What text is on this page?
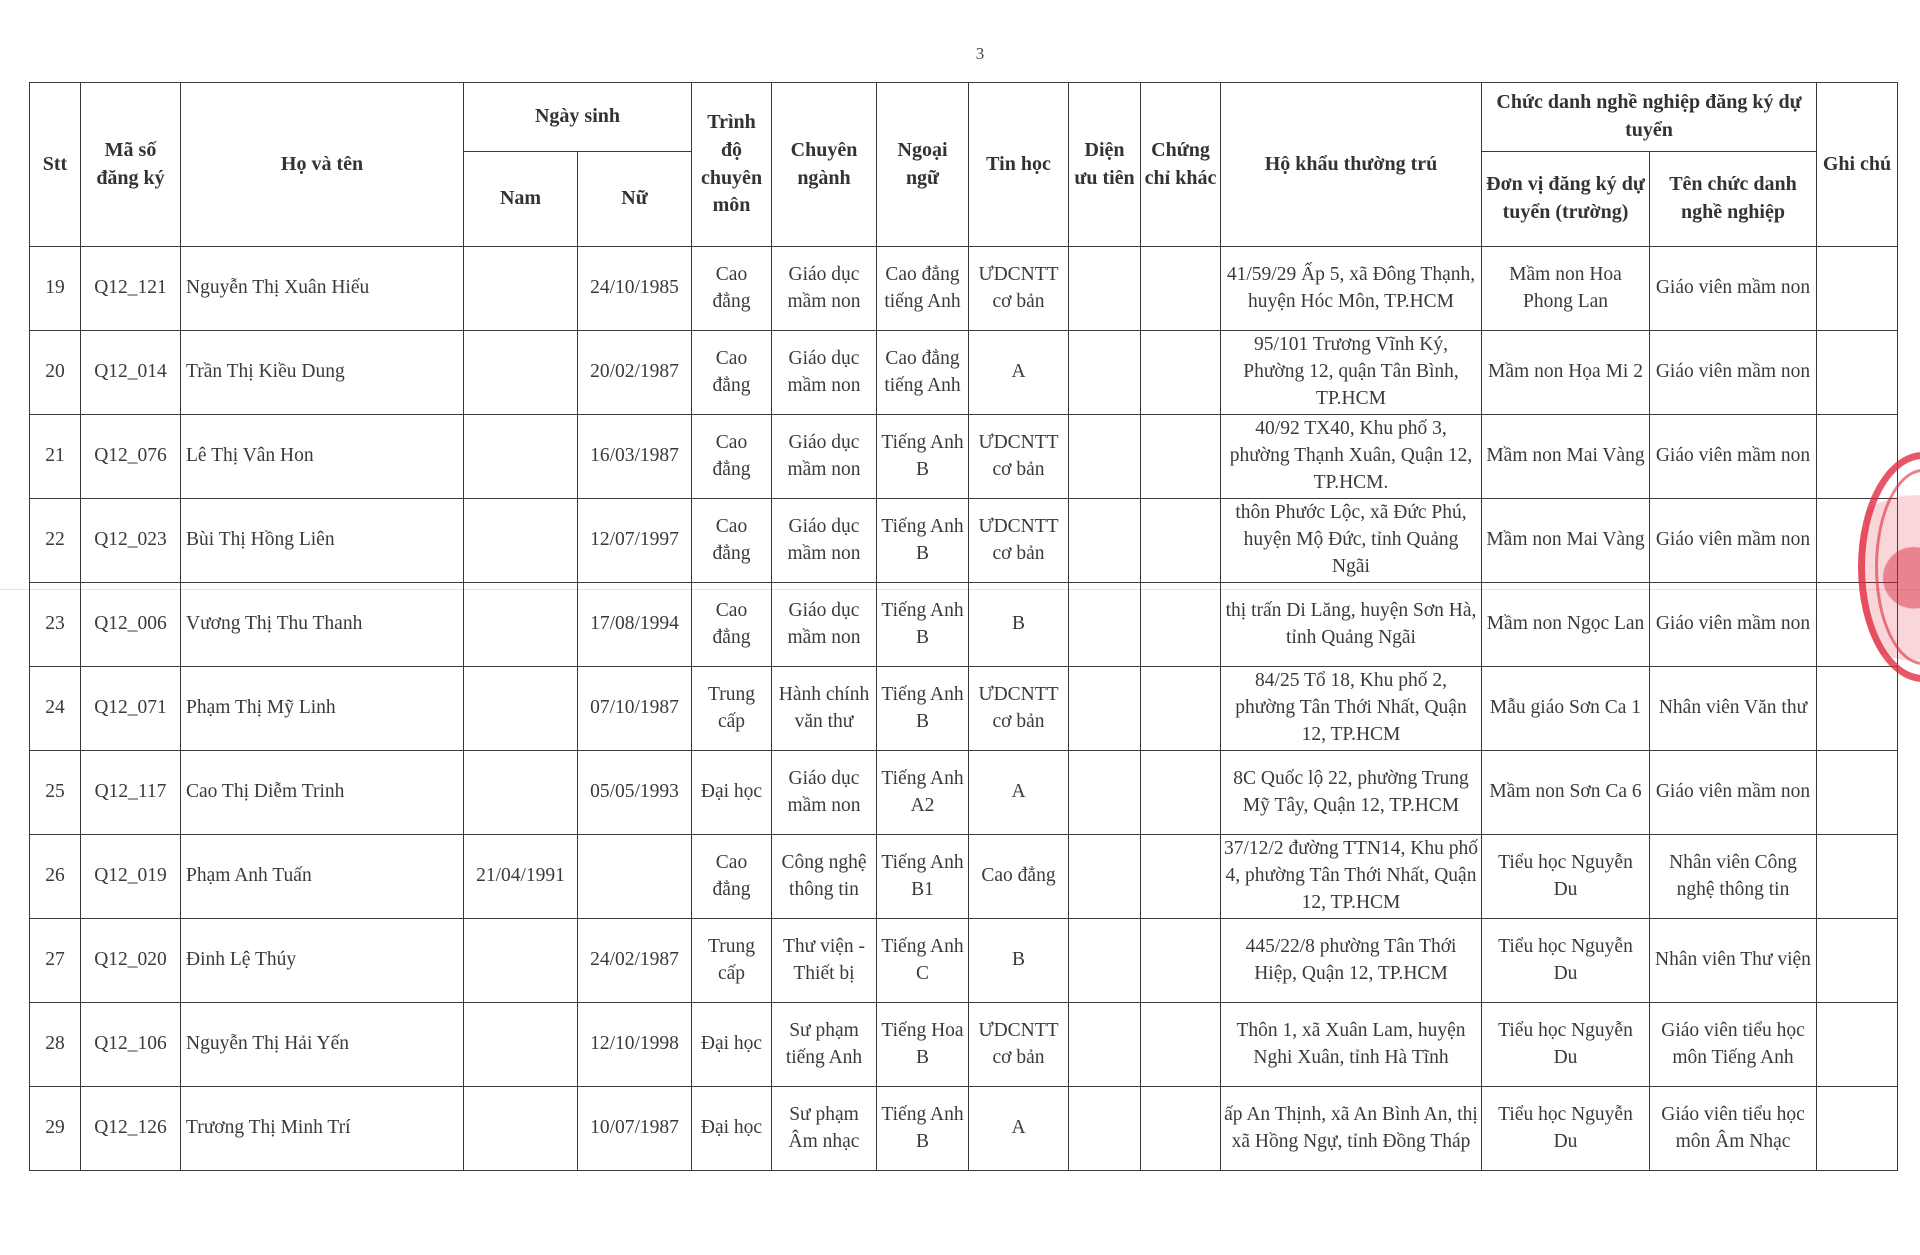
3
Stt	Mã số đăng ký	Họ và tên	Ngày sinh		Trình độ chuyên môn	Chuyên ngành	Ngoại ngữ	Tin học	Diện ưu tiên	Chứng chỉ khác	Hộ khẩu thường trú	Chức danh nghề nghiệp đăng ký dự tuyển		Ghi chú
			Nam	Nữ								Đơn vị đăng ký dự tuyển (trường)	Tên chức danh nghề nghiệp	
19	Q12_121	Nguyễn Thị Xuân Hiếu		24/10/1985	Cao đẳng	Giáo dục mầm non	Cao đẳng tiếng Anh	ƯDCNTT cơ bản			41/59/29 Ấp 5, xã Đông Thạnh, huyện Hóc Môn, TP.HCM	Mầm non Hoa Phong Lan	Giáo viên mầm non	
20	Q12_014	Trần Thị Kiều Dung		20/02/1987	Cao đẳng	Giáo dục mầm non	Cao đẳng tiếng Anh	A			95/101 Trương Vĩnh Ký, Phường 12, quận Tân Bình, TP.HCM	Mầm non Họa Mi 2	Giáo viên mầm non	
21	Q12_076	Lê Thị Vân Hon		16/03/1987	Cao đẳng	Giáo dục mầm non	Tiếng Anh B	ƯDCNTT cơ bản			40/92 TX40, Khu phố 3, phường Thạnh Xuân, Quận 12, TP.HCM.	Mầm non Mai Vàng	Giáo viên mầm non	
22	Q12_023	Bùi Thị Hồng Liên		12/07/1997	Cao đẳng	Giáo dục mầm non	Tiếng Anh B	ƯDCNTT cơ bản			thôn Phước Lộc, xã Đức Phú, huyện Mộ Đức, tỉnh Quảng Ngãi	Mầm non Mai Vàng	Giáo viên mầm non	
23	Q12_006	Vương Thị Thu Thanh		17/08/1994	Cao đẳng	Giáo dục mầm non	Tiếng Anh B	B			thị trấn Di Lăng, huyện Sơn Hà, tỉnh Quảng Ngãi	Mầm non Ngọc Lan	Giáo viên mầm non	
24	Q12_071	Phạm Thị Mỹ Linh		07/10/1987	Trung cấp	Hành chính văn thư	Tiếng Anh B	ƯDCNTT cơ bản			84/25 Tổ 18, Khu phố 2, phường Tân Thới Nhất, Quận 12, TP.HCM	Mẫu giáo Sơn Ca 1	Nhân viên Văn thư	
25	Q12_117	Cao Thị Diễm Trinh		05/05/1993	Đại học	Giáo dục mầm non	Tiếng Anh A2	A			8C Quốc lộ 22, phường Trung Mỹ Tây, Quận 12, TP.HCM	Mầm non Sơn Ca 6	Giáo viên mầm non	
26	Q12_019	Phạm Anh Tuấn	21/04/1991		Cao đẳng	Công nghệ thông tin	Tiếng Anh B1	Cao đẳng			37/12/2 đường TTN14, Khu phố 4, phường Tân Thới Nhất, Quận 12, TP.HCM	Tiểu học Nguyễn Du	Nhân viên Công nghệ thông tin	
27	Q12_020	Đinh Lệ Thúy		24/02/1987	Trung cấp	Thư viện - Thiết bị	Tiếng Anh C	B			445/22/8 phường Tân Thới Hiệp, Quận 12, TP.HCM	Tiểu học Nguyễn Du	Nhân viên Thư viện	
28	Q12_106	Nguyễn Thị Hải Yến		12/10/1998	Đại học	Sư phạm tiếng Anh	Tiếng Hoa B	ƯDCNTT cơ bản			Thôn 1, xã Xuân Lam, huyện Nghi Xuân, tỉnh Hà Tĩnh	Tiểu học Nguyễn Du	Giáo viên tiểu học môn Tiếng Anh	
29	Q12_126	Trương Thị Minh Trí		10/07/1987	Đại học	Sư phạm Âm nhạc	Tiếng Anh B	A			ấp An Thịnh, xã An Bình An, thị xã Hồng Ngự, tỉnh Đồng Tháp	Tiểu học Nguyễn Du	Giáo viên tiểu học môn Âm Nhạc	
